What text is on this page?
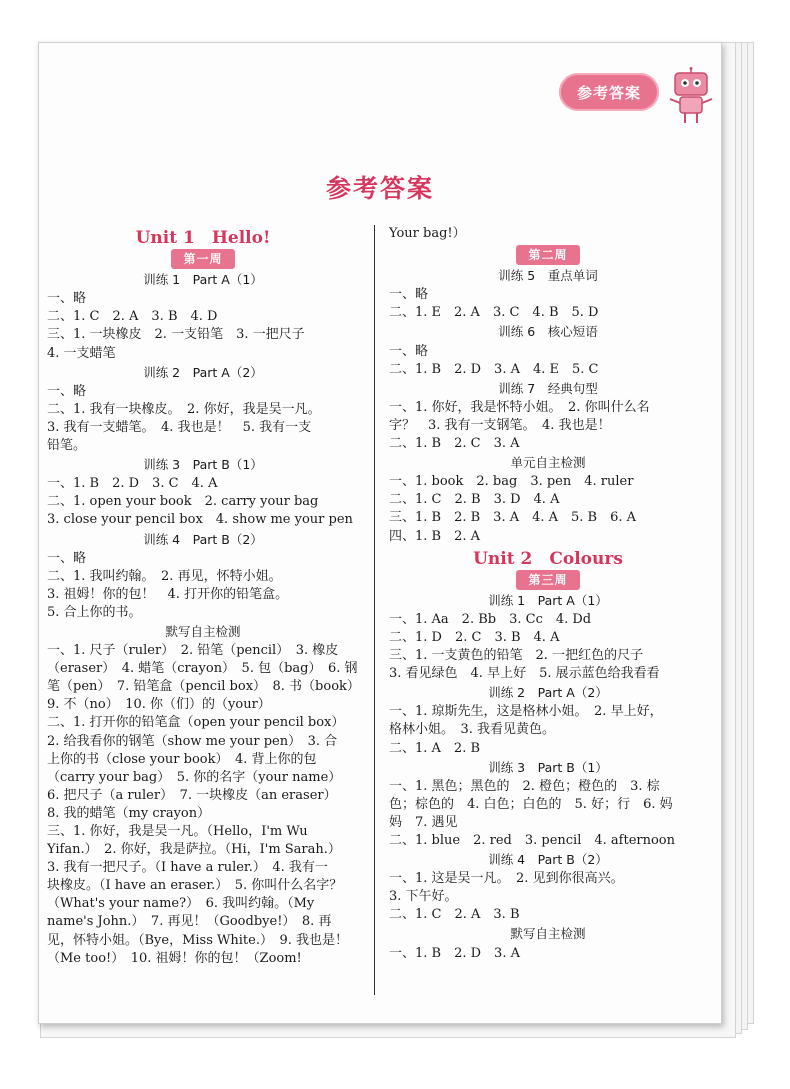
参考答案
参考答案
Unit 1　Hello!
第一周
训练 1　Part A（1）
一、略
二、1. C　2. A　3. B　4. D
三、1. 一块橡皮　2. 一支铅笔　3. 一把尺子
4. 一支蜡笔
训练 2　Part A（2）
一、略
二、1. 我有一块橡皮。　2. 你好，我是吴一凡。
3. 我有一支蜡笔。　4. 我也是！　5. 我有一支
铅笔。
训练 3　Part B（1）
一、1. B　2. D　3. C　4. A
二、1. open your book　2. carry your bag
3. close your pencil box　4. show me your pen
训练 4　Part B（2）
一、略
二、1. 我叫约翰。　2. 再见，怀特小姐。
3. 祖姆！你的包！　4. 打开你的铅笔盒。
5. 合上你的书。
默写自主检测
一、1. 尺子（ruler）　2. 铅笔（pencil）　3. 橡皮
（eraser）　4. 蜡笔（crayon）　5. 包（bag）　6. 钢
笔（pen）　7. 铅笔盒（pencil box）　8. 书（book）
9. 不（no）　10. 你（们）的（your）
二、1. 打开你的铅笔盒（open your pencil box）
2. 给我看你的钢笔（show me your pen）　3. 合
上你的书（close your book）　4. 背上你的包
（carry your bag）　5. 你的名字（your name）
6. 把尺子（a ruler）　7. 一块橡皮（an eraser）
8. 我的蜡笔（my crayon）
三、1. 你好，我是吴一凡。（Hello，I'm Wu
Yifan.）　2. 你好，我是萨拉。（Hi，I'm Sarah.）
3. 我有一把尺子。（I have a ruler.）　4. 我有一
块橡皮。（I have an eraser.）　5. 你叫什么名字？
（What's your name?）　6. 我叫约翰。（My
name's John.）　7. 再见！（Goodbye!）　8. 再
见，怀特小姐。（Bye，Miss White.）　9. 我也是！
（Me too!）　10. 祖姆！你的包！（Zoom!
Your bag!）
第二周
训练 5　重点单词
一、略
二、1. E　2. A　3. C　4. B　5. D
训练 6　核心短语
一、略
二、1. B　2. D　3. A　4. E　5. C
训练 7　经典句型
一、1. 你好，我是怀特小姐。　2. 你叫什么名
字？　3. 我有一支钢笔。　4. 我也是！
二、1. B　2. C　3. A
单元自主检测
一、1. book　2. bag　3. pen　4. ruler
二、1. C　2. B　3. D　4. A
三、1. B　2. B　3. A　4. A　5. B　6. A
四、1. B　2. A
Unit 2　Colours
第三周
训练 1　Part A（1）
一、1. Aa　2. Bb　3. Cc　4. Dd
二、1. D　2. C　3. B　4. A
三、1. 一支黄色的铅笔　2. 一把红色的尺子
3. 看见绿色　4. 早上好　5. 展示蓝色给我看看
训练 2　Part A（2）
一、1. 琼斯先生，这是格林小姐。　2. 早上好，
格林小姐。　3. 我看见黄色。
二、1. A　2. B
训练 3　Part B（1）
一、1. 黑色；黑色的　2. 橙色；橙色的　3. 棕
色；棕色的　4. 白色；白色的　5. 好；行　6. 妈
妈　7. 遇见
二、1. blue　2. red　3. pencil　4. afternoon
训练 4　Part B（2）
一、1. 这是吴一凡。　2. 见到你很高兴。
3. 下午好。
二、1. C　2. A　3. B
默写自主检测
一、1. B　2. D　3. A
